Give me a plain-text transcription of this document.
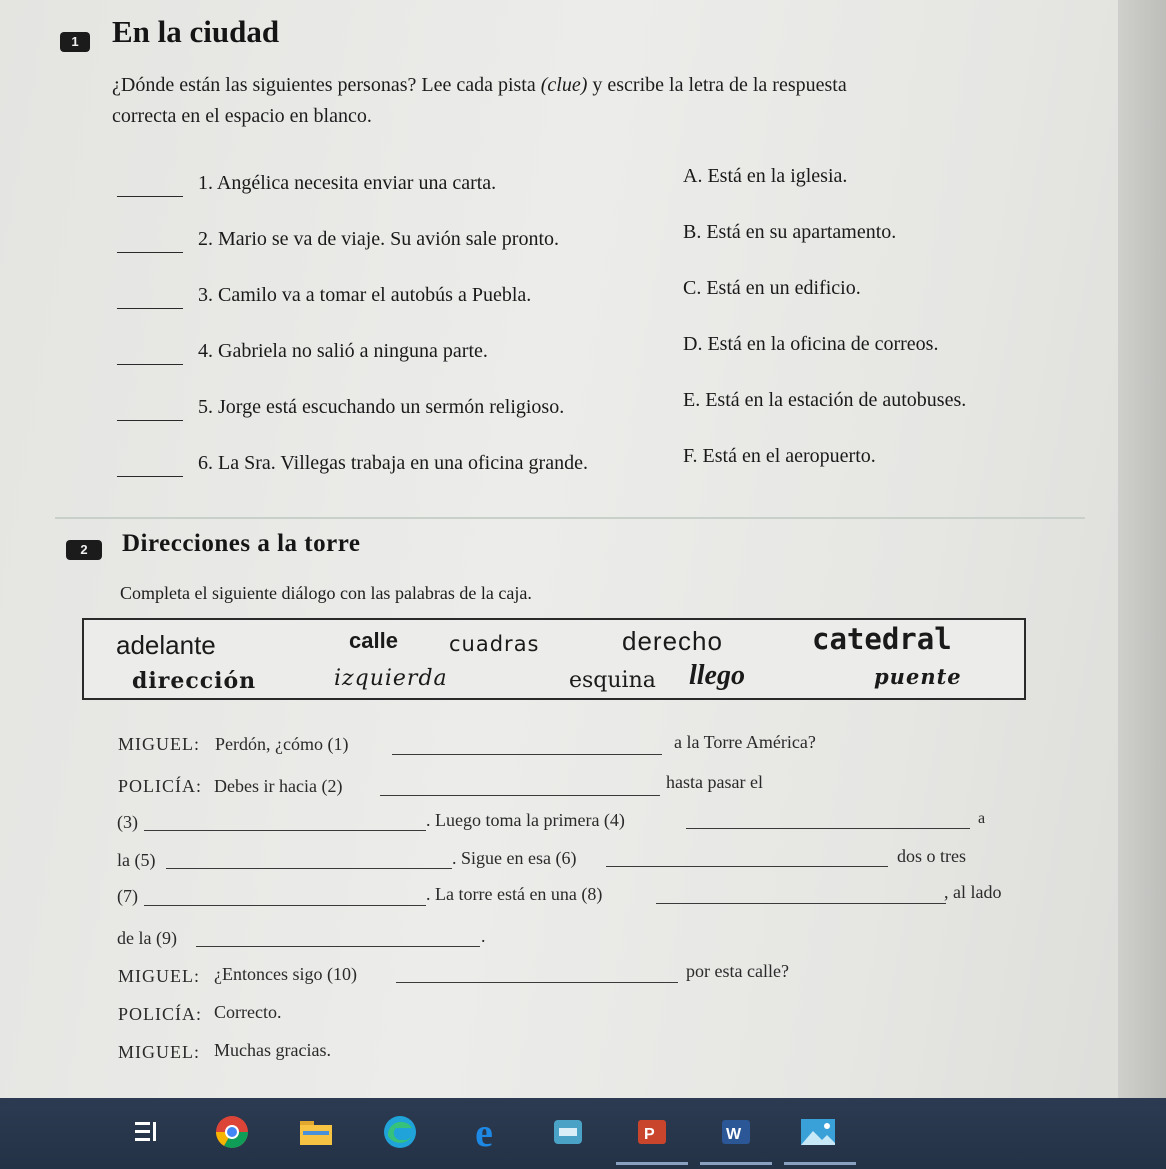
1	En la ciudad
¿Dónde están las siguientes personas? Lee cada pista (clue) y escribe la letra de la respuesta
correcta en el espacio en blanco.
1. Angélica necesita enviar una carta.	A. Está en la iglesia.
2. Mario se va de viaje. Su avión sale pronto.	B. Está en su apartamento.
3. Camilo va a tomar el autobús a Puebla.	C. Está en un edificio.
4. Gabriela no salió a ninguna parte.	D. Está en la oficina de correos.
5. Jorge está escuchando un sermón religioso.	E. Está en la estación de autobuses.
6. La Sra. Villegas trabaja en una oficina grande.	F. Está en el aeropuerto.
2	Direcciones a la torre
Completa el siguiente diálogo con las palabras de la caja.
adelante	calle cuadras	derecho	catedral
dirección	izquierda	esquina llego	puente
MIGUEL: Perdón, ¿cómo (1)	a la Torre América?
POLICÍA: Debes ir hacia (2)	hasta pasar el
(3)	. Luego toma la primera (4)	a
la (5)	. Sigue en esa (6)	dos o tres
(7)	. La torre está en una (8)	, al lado
de la (9)	.
MIGUEL: ¿Entonces sigo (10)	por esta calle?
POLICÍA: Correcto.
MIGUEL: Muchas gracias.
e	P	W
